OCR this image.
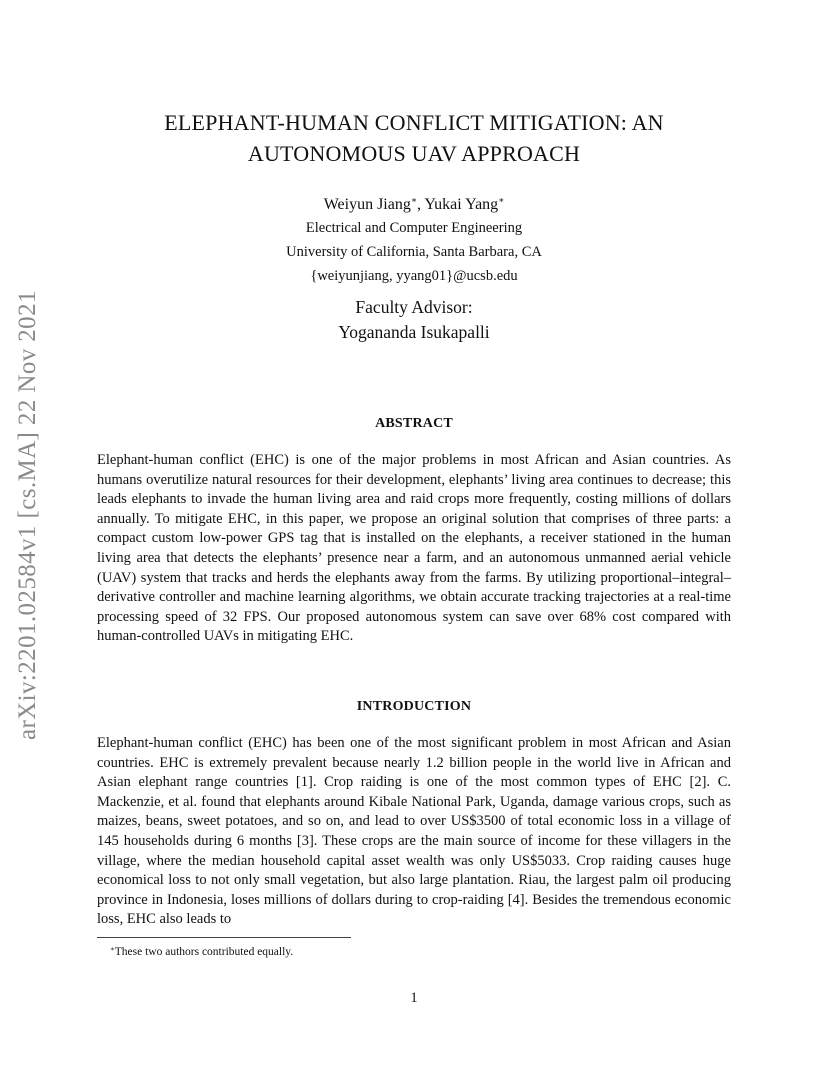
arXiv:2201.02584v1 [cs.MA] 22 Nov 2021
ELEPHANT-HUMAN CONFLICT MITIGATION: AN
AUTONOMOUS UAV APPROACH
Weiyun Jiang∗, Yukai Yang∗
Electrical and Computer Engineering
University of California, Santa Barbara, CA
{weiyunjiang, yyang01}@ucsb.edu
Faculty Advisor:
Yogananda Isukapalli
ABSTRACT
Elephant-human conflict (EHC) is one of the major problems in most African and Asian countries. As humans overutilize natural resources for their development, elephants’ living area continues to decrease; this leads elephants to invade the human living area and raid crops more frequently, costing millions of dollars annually. To mitigate EHC, in this paper, we propose an original solution that comprises of three parts: a compact custom low-power GPS tag that is installed on the elephants, a receiver stationed in the human living area that detects the elephants’ presence near a farm, and an autonomous unmanned aerial vehicle (UAV) system that tracks and herds the elephants away from the farms. By utilizing proportional–integral–derivative controller and machine learning algorithms, we obtain accurate tracking trajectories at a real-time processing speed of 32 FPS. Our proposed autonomous system can save over 68% cost compared with human-controlled UAVs in mitigating EHC.
INTRODUCTION
Elephant-human conflict (EHC) has been one of the most significant problem in most African and Asian countries. EHC is extremely prevalent because nearly 1.2 billion people in the world live in African and Asian elephant range countries [1]. Crop raiding is one of the most common types of EHC [2]. C. Mackenzie, et al. found that elephants around Kibale National Park, Uganda, damage various crops, such as maizes, beans, sweet potatoes, and so on, and lead to over US$3500 of total economic loss in a village of 145 households during 6 months [3]. These crops are the main source of income for these villagers in the village, where the median household capital asset wealth was only US$5033. Crop raiding causes huge economical loss to not only small vegetation, but also large plantation. Riau, the largest palm oil producing province in Indonesia, loses millions of dollars during to crop-raiding [4]. Besides the tremendous economic loss, EHC also leads to
∗These two authors contributed equally.
1
